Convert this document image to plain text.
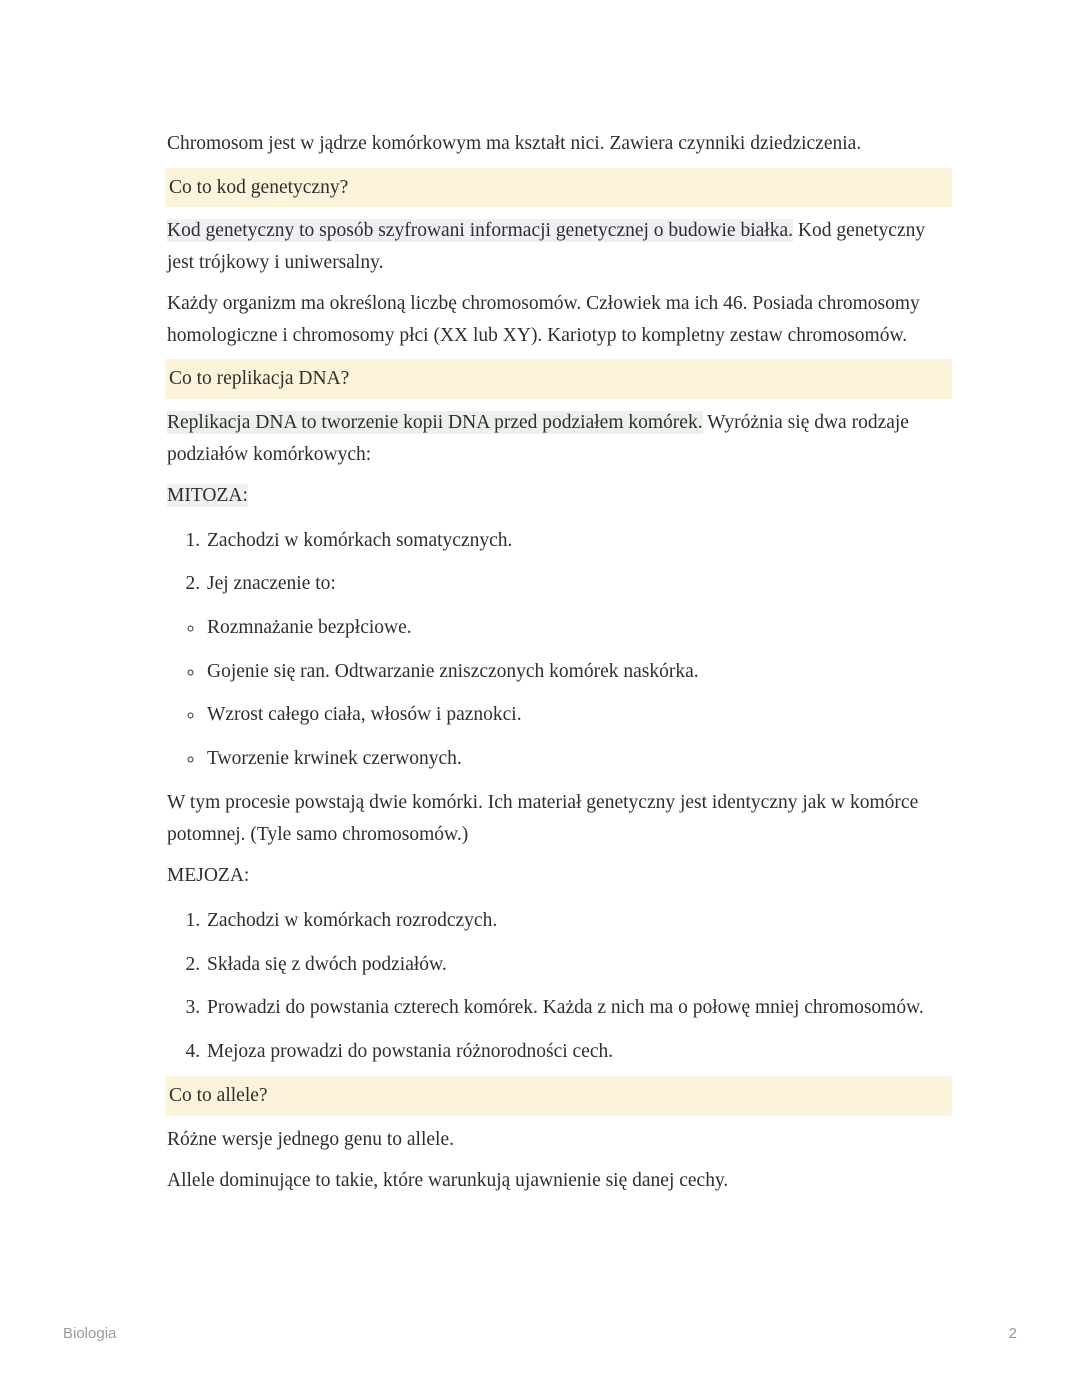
Chromosom jest w jądrze komórkowym ma kształt nici. Zawiera czynniki dziedziczenia.

Co to kod genetyczny?

Kod genetyczny to sposób szyfrowani informacji genetycznej o budowie białka. Kod genetyczny jest trójkowy i uniwersalny.

Każdy organizm ma określoną liczbę chromosomów. Człowiek ma ich 46. Posiada chromosomy homologiczne i chromosomy płci (XX lub XY). Kariotyp to kompletny zestaw chromosomów.

Co to replikacja DNA?

Replikacja DNA to tworzenie kopii DNA przed podziałem komórek. Wyróżnia się dwa rodzaje podziałów komórkowych:

MITOZA:

1. Zachodzi w komórkach somatycznych.
2. Jej znaczenie to:
◦ Rozmnażanie bezpłciowe.
◦ Gojenie się ran. Odtwarzanie zniszczonych komórek naskórka.
◦ Wzrost całego ciała, włosów i paznokci.
◦ Tworzenie krwinek czerwonych.

W tym procesie powstają dwie komórki. Ich materiał genetyczny jest identyczny jak w komórce potomnej. (Tyle samo chromosomów.)

MEJOZA:

1. Zachodzi w komórkach rozrodczych.
2. Składa się z dwóch podziałów.
3. Prowadzi do powstania czterech komórek. Każda z nich ma o połowę mniej chromosomów.
4. Mejoza prowadzi do powstania różnorodności cech.
Co to allele?

Różne wersje jednego genu to allele.

Allele dominujące to takie, które warunkują ujawnienie się danej cechy.

Biologia	2
